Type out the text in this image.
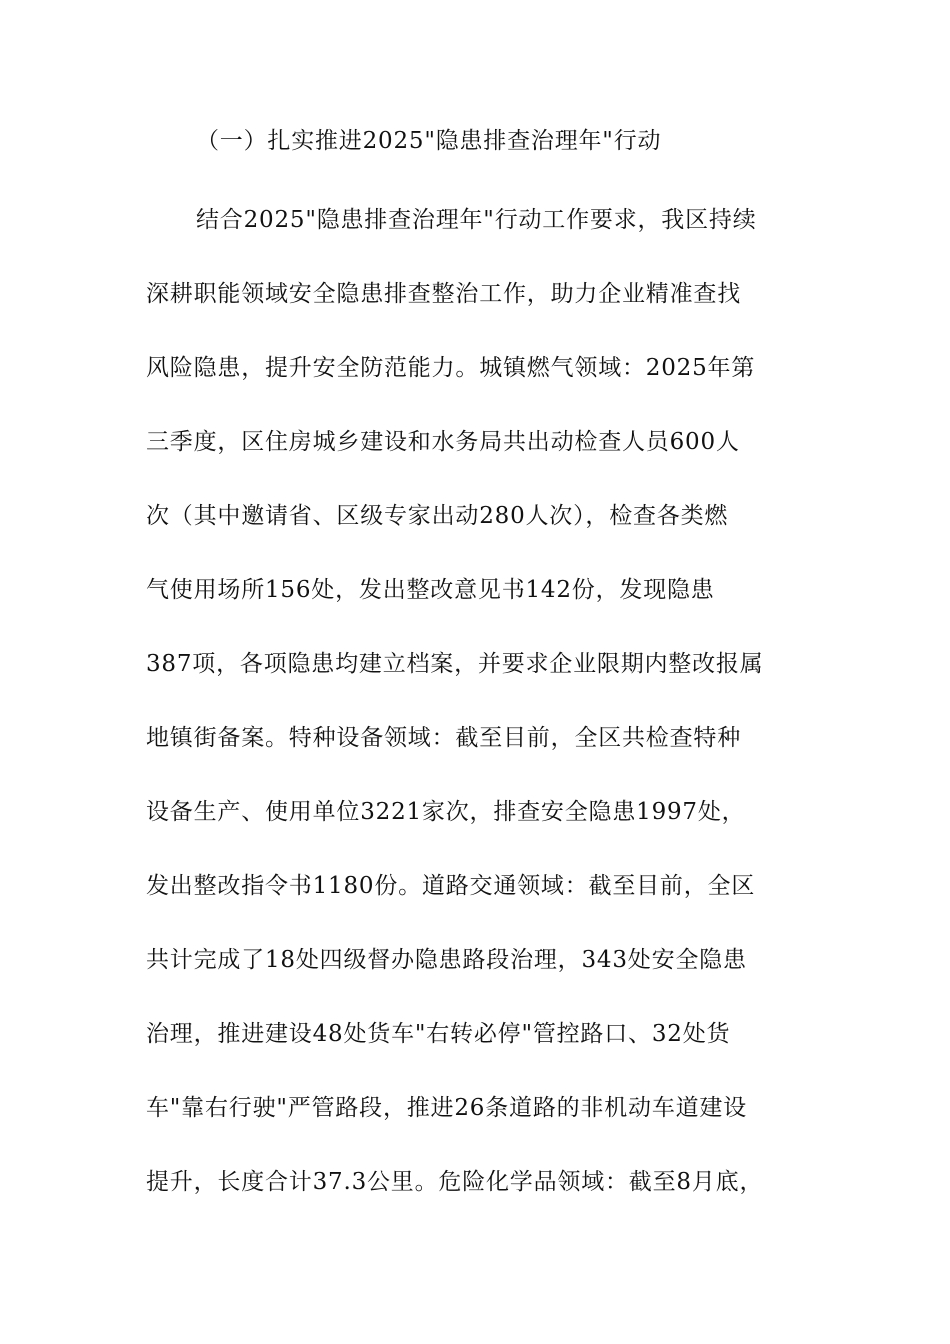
（一）扎实推进2025"隐患排查治理年"行动

结合2025"隐患排查治理年"行动工作要求，我区持续

深耕职能领域安全隐患排查整治工作，助力企业精准查找

风险隐患，提升安全防范能力。城镇燃气领域：2025年第

三季度，区住房城乡建设和水务局共出动检查人员600人

次（其中邀请省、区级专家出动280人次），检查各类燃

气使用场所156处，发出整改意见书142份，发现隐患

387项，各项隐患均建立档案，并要求企业限期内整改报属

地镇街备案。特种设备领域：截至目前，全区共检查特种

设备生产、使用单位3221家次，排查安全隐患1997处，

发出整改指令书1180份。道路交通领域：截至目前，全区

共计完成了18处四级督办隐患路段治理，343处安全隐患

治理，推进建设48处货车"右转必停"管控路口、32处货

车"靠右行驶"严管路段，推进26条道路的非机动车道建设

提升，长度合计37.3公里。危险化学品领域：截至8月底，
